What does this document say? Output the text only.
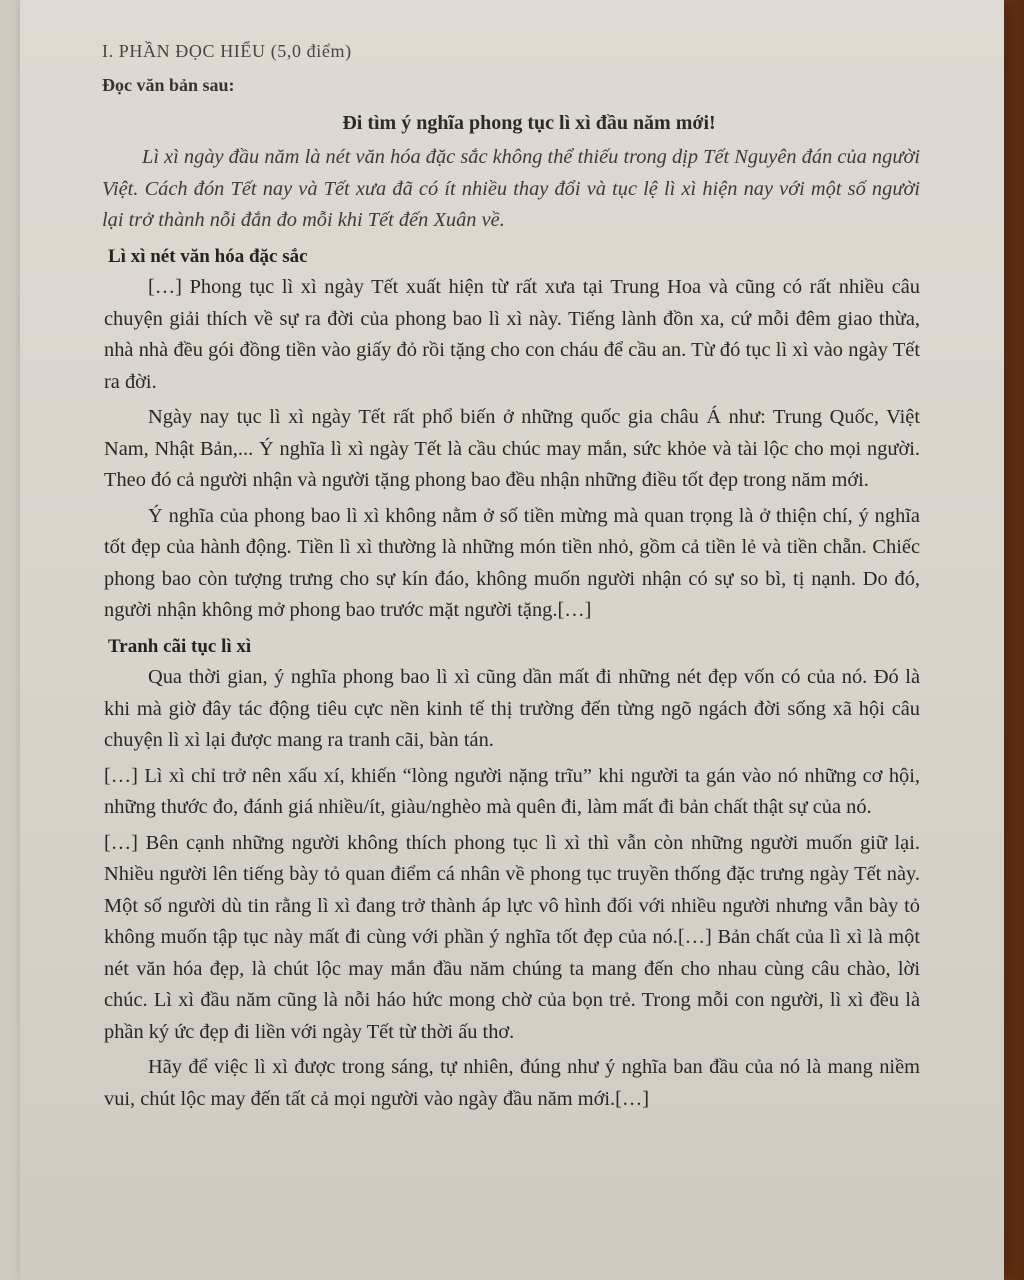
I. PHẦN ĐỌC HIỂU (5,0 điểm)

Đọc văn bản sau:

Đi tìm ý nghĩa phong tục lì xì đầu năm mới!

Lì xì ngày đầu năm là nét văn hóa đặc sắc không thể thiếu trong dịp Tết Nguyên đán của người Việt. Cách đón Tết nay và Tết xưa đã có ít nhiều thay đổi và tục lệ lì xì hiện nay với một số người lại trở thành nỗi đắn đo mỗi khi Tết đến Xuân về.

Lì xì nét văn hóa đặc sắc

[…] Phong tục lì xì ngày Tết xuất hiện từ rất xưa tại Trung Hoa và cũng có rất nhiều câu chuyện giải thích về sự ra đời của phong bao lì xì này. Tiếng lành đồn xa, cứ mỗi đêm giao thừa, nhà nhà đều gói đồng tiền vào giấy đỏ rồi tặng cho con cháu để cầu an. Từ đó tục lì xì vào ngày Tết ra đời.

Ngày nay tục lì xì ngày Tết rất phổ biến ở những quốc gia châu Á như: Trung Quốc, Việt Nam, Nhật Bản,... Ý nghĩa lì xì ngày Tết là cầu chúc may mắn, sức khỏe và tài lộc cho mọi người. Theo đó cả người nhận và người tặng phong bao đều nhận những điều tốt đẹp trong năm mới.

Ý nghĩa của phong bao lì xì không nằm ở số tiền mừng mà quan trọng là ở thiện chí, ý nghĩa tốt đẹp của hành động. Tiền lì xì thường là những món tiền nhỏ, gồm cả tiền lẻ và tiền chẵn. Chiếc phong bao còn tượng trưng cho sự kín đáo, không muốn người nhận có sự so bì, tị nạnh. Do đó, người nhận không mở phong bao trước mặt người tặng.[…]

Tranh cãi tục lì xì

Qua thời gian, ý nghĩa phong bao lì xì cũng dần mất đi những nét đẹp vốn có của nó. Đó là khi mà giờ đây tác động tiêu cực nền kinh tế thị trường đến từng ngõ ngách đời sống xã hội câu chuyện lì xì lại được mang ra tranh cãi, bàn tán.

[…] Lì xì chỉ trở nên xấu xí, khiến “lòng người nặng trĩu” khi người ta gán vào nó những cơ hội, những thước đo, đánh giá nhiều/ít, giàu/nghèo mà quên đi, làm mất đi bản chất thật sự của nó.

[…] Bên cạnh những người không thích phong tục lì xì thì vẫn còn những người muốn giữ lại. Nhiều người lên tiếng bày tỏ quan điểm cá nhân về phong tục truyền thống đặc trưng ngày Tết này. Một số người dù tin rằng lì xì đang trở thành áp lực vô hình đối với nhiều người nhưng vẫn bày tỏ không muốn tập tục này mất đi cùng với phần ý nghĩa tốt đẹp của nó.[…] Bản chất của lì xì là một nét văn hóa đẹp, là chút lộc may mắn đầu năm chúng ta mang đến cho nhau cùng câu chào, lời chúc. Lì xì đầu năm cũng là nỗi háo hức mong chờ của bọn trẻ. Trong mỗi con người, lì xì đều là phần ký ức đẹp đi liền với ngày Tết từ thời ấu thơ.

Hãy để việc lì xì được trong sáng, tự nhiên, đúng như ý nghĩa ban đầu của nó là mang niềm vui, chút lộc may đến tất cả mọi người vào ngày đầu năm mới.[…]
